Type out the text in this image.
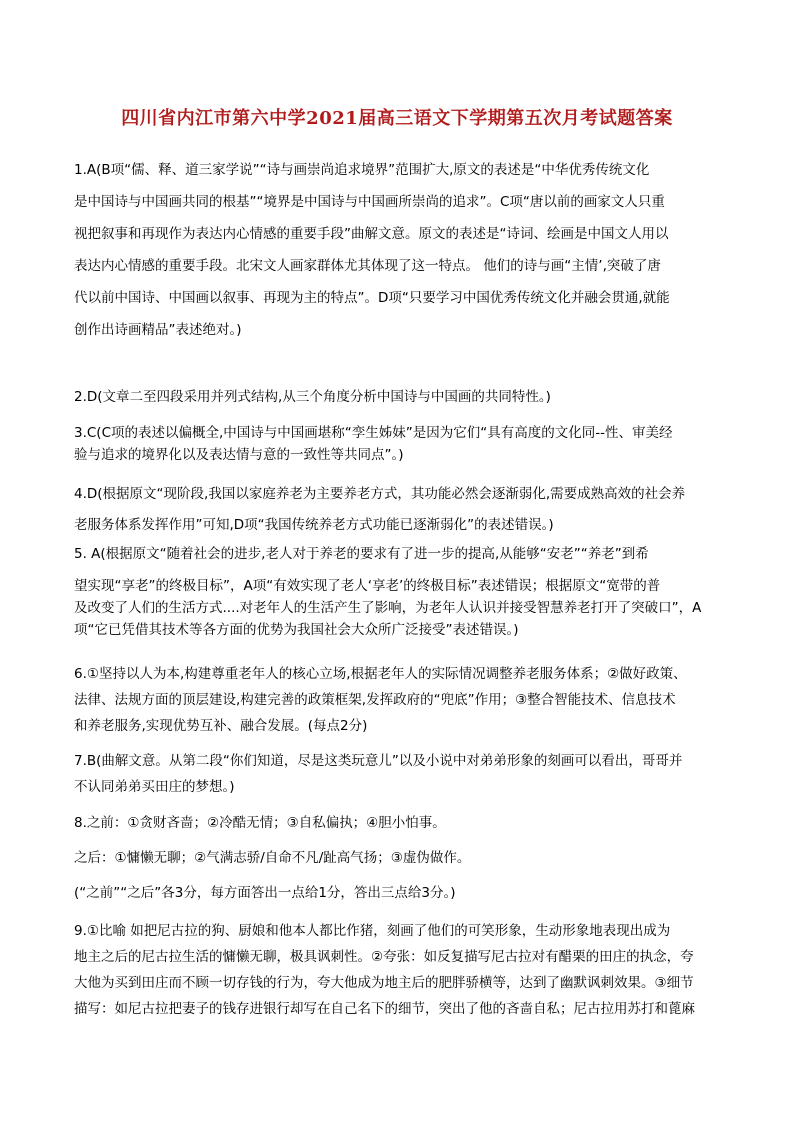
四川省内江市第六中学2021届高三语文下学期第五次月考试题答案
1.A(B项“儒、释、道三家学说”“诗与画崇尚追求境界”范围扩大,原文的表述是“中华优秀传统文化
是中国诗与中国画共同的根基”“境界是中国诗与中国画所崇尚的追求”。C项“唐以前的画家文人只重
视把叙事和再现作为表达内心情感的重要手段”曲解文意。原文的表述是“诗词、绘画是中国文人用以
表达内心情感的重要手段。北宋文人画家群体尤其体现了这一特点。 他们的诗与画“主情’,突破了唐
代以前中国诗、中国画以叙事、再现为主的特点”。D项“只要学习中国优秀传统文化并融会贯通,就能
创作出诗画精品”表述绝对。)
2.D(文章二至四段采用并列式结构,从三个角度分析中国诗与中国画的共同特性。)
3.C(C项的表述以偏概全,中国诗与中国画堪称“孪生姊妹”是因为它们“具有高度的文化同--性、审美经
验与追求的境界化以及表达情与意的一致性等共同点”。)
4.D(根据原文“现阶段,我国以家庭养老为主要养老方式，其功能必然会逐渐弱化,需要成熟高效的社会养
老服务体系发挥作用”可知,D项“我国传统养老方式功能已逐渐弱化”的表述错误。)
5. A(根据原文“随着社会的进步,老人对于养老的要求有了进一步的提高,从能够“安老”“养老”到希
望实现“享老”的终极目标”，A项“有效实现了老人‘享老’的终极目标”表述错误；根据原文“宽带的普
及改变了人们的生活方式....对老年人的生活产生了影响，为老年人认识并接受智慧养老打开了突破口”，A
项“它已凭借其技术等各方面的优势为我国社会大众所广泛接受”表述错误。)
6.①坚持以人为本,构建尊重老年人的核心立场,根据老年人的实际情况调整养老服务体系；②做好政策、
法律、法规方面的顶层建设,构建完善的政策框架,发挥政府的“兜底”作用；③整合智能技术、信息技术
和养老服务,实现优势互补、融合发展。(每点2分)
7.B(曲解文意。从第二段“你们知道，尽是这类玩意儿”以及小说中对弟弟形象的刻画可以看出，哥哥并
不认同弟弟买田庄的梦想。)
8.之前：①贪财吝啬；②冷酷无情；③自私偏执；④胆小怕事。
之后：①慵懒无聊；②气满志骄/自命不凡/趾高气扬；③虚伪做作。
(“之前”“之后”各3分，每方面答出一点给1分，答出三点给3分。)
9.①比喻 如把尼古拉的狗、厨娘和他本人都比作猪，刻画了他们的可笑形象，生动形象地表现出成为
地主之后的尼古拉生活的慵懒无聊，极具讽刺性。②夸张：如反复描写尼古拉对有醋栗的田庄的执念，夸
大他为买到田庄而不顾一切存钱的行为，夸大他成为地主后的肥胖骄横等，达到了幽默讽刺效果。③细节
描写：如尼古拉把妻子的钱存进银行却写在自己名下的细节，突出了他的吝啬自私；尼古拉用苏打和蓖麻
